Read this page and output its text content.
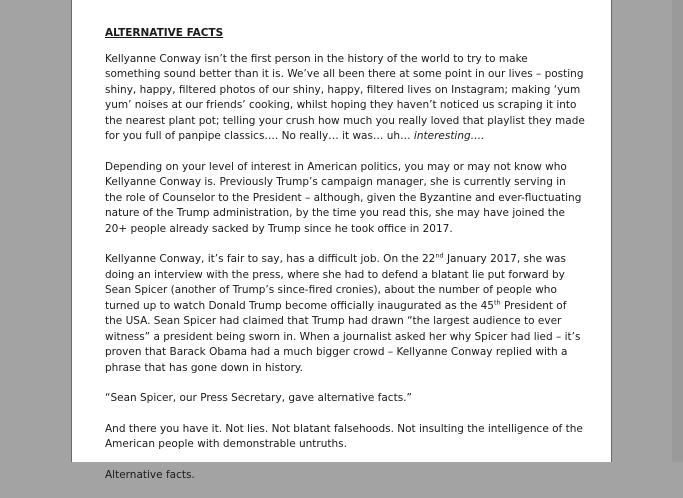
ALTERNATIVE FACTS

Kellyanne Conway isn’t the first person in the history of the world to try to make something sound better than it is. We’ve all been there at some point in our lives – posting shiny, happy, filtered photos of our shiny, happy, filtered lives on Instagram; making ‘yum yum’ noises at our friends’ cooking, whilst hoping they haven’t noticed us scraping it into the nearest plant pot; telling your crush how much you really loved that playlist they made for you full of panpipe classics…. No really… it was… uh… interesting….

Depending on your level of interest in American politics, you may or may not know who Kellyanne Conway is. Previously Trump’s campaign manager, she is currently serving in the role of Counselor to the President – although, given the Byzantine and ever-fluctuating nature of the Trump administration, by the time you read this, she may have joined the 20+ people already sacked by Trump since he took office in 2017.

Kellyanne Conway, it’s fair to say, has a difficult job. On the 22nd January 2017, she was doing an interview with the press, where she had to defend a blatant lie put forward by Sean Spicer (another of Trump’s since-fired cronies), about the number of people who turned up to watch Donald Trump become officially inaugurated as the 45th President of the USA. Sean Spicer had claimed that Trump had drawn “the largest audience to ever witness” a president being sworn in. When a journalist asked her why Spicer had lied – it’s proven that Barack Obama had a much bigger crowd – Kellyanne Conway replied with a phrase that has gone down in history.

“Sean Spicer, our Press Secretary, gave alternative facts.”

And there you have it. Not lies. Not blatant falsehoods. Not insulting the intelligence of the American people with demonstrable untruths.

Alternative facts.
